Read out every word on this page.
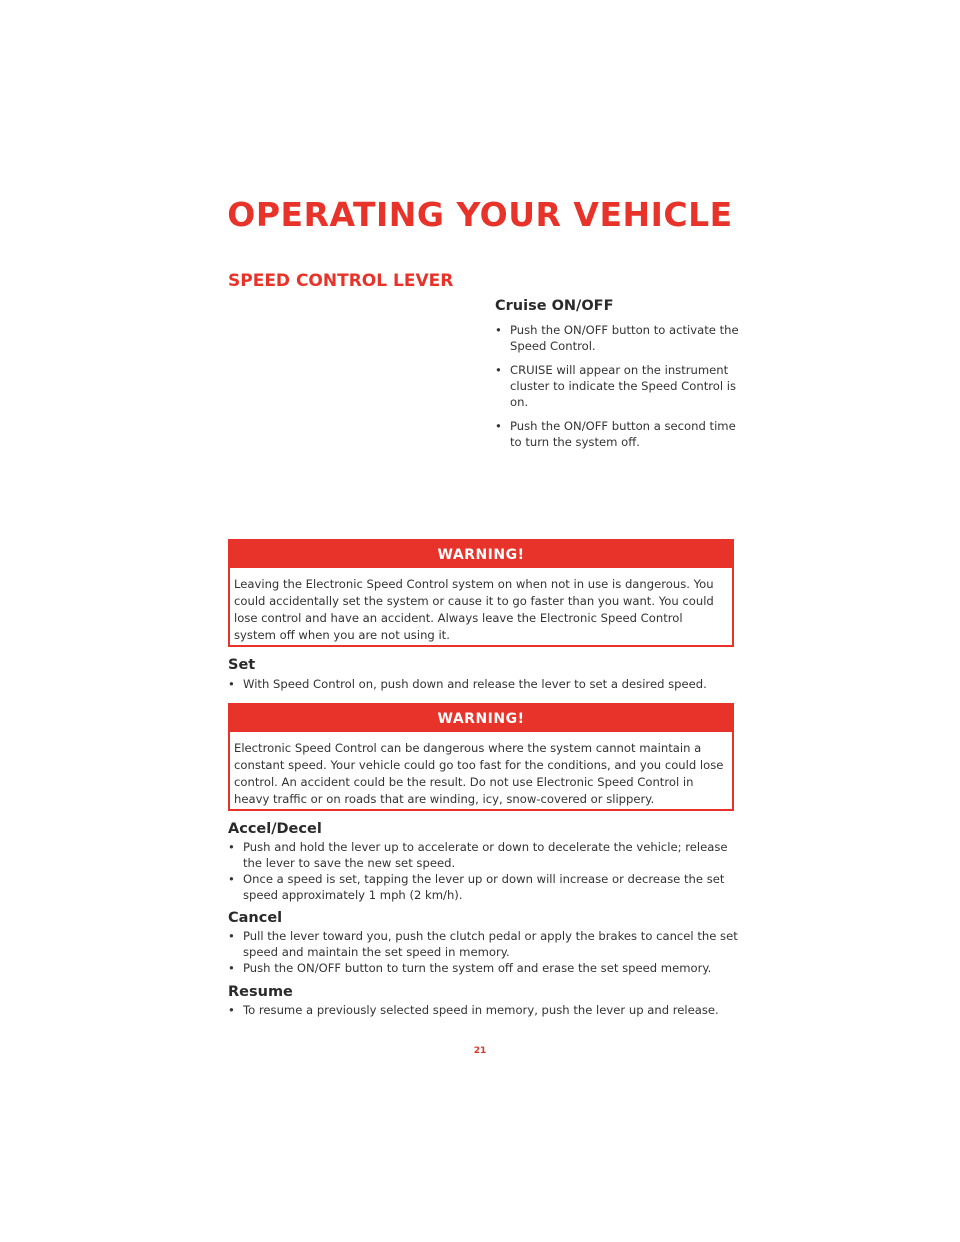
OPERATING YOUR VEHICLE
SPEED CONTROL LEVER
Cruise ON/OFF
• Push the ON/OFF button to activate the Speed Control.
• CRUISE will appear on the instrument cluster to indicate the Speed Control is on.
• Push the ON/OFF button a second time to turn the system off.
WARNING!
Leaving the Electronic Speed Control system on when not in use is dangerous. You could accidentally set the system or cause it to go faster than you want. You could lose control and have an accident. Always leave the Electronic Speed Control system off when you are not using it.
Set
• With Speed Control on, push down and release the lever to set a desired speed.
WARNING!
Electronic Speed Control can be dangerous where the system cannot maintain a constant speed. Your vehicle could go too fast for the conditions, and you could lose control. An accident could be the result. Do not use Electronic Speed Control in heavy traffic or on roads that are winding, icy, snow-covered or slippery.
Accel/Decel
• Push and hold the lever up to accelerate or down to decelerate the vehicle; release the lever to save the new set speed.
• Once a speed is set, tapping the lever up or down will increase or decrease the set speed approximately 1 mph (2 km/h).
Cancel
• Pull the lever toward you, push the clutch pedal or apply the brakes to cancel the set speed and maintain the set speed in memory.
• Push the ON/OFF button to turn the system off and erase the set speed memory.
Resume
• To resume a previously selected speed in memory, push the lever up and release.
21
